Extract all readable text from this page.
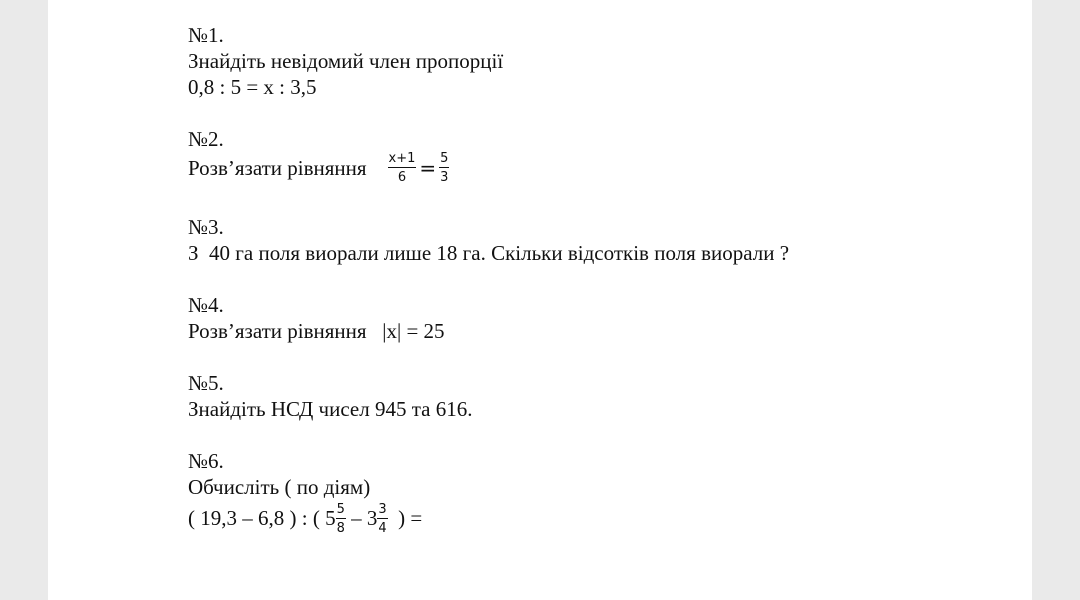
№1.
Знайдіть невідомий член пропорції
0,8 : 5 = x : 3,5
№2.
Розв’язати рівняння $\frac{x+1}{6} = \frac{5}{3}$
№3.
З  40 га поля виорали лише 18 га. Скільки відсотків поля виорали ?
№4.
Розв’язати рівняння |x| = 25
№5.
Знайдіть НСД чисел 945 та 616.
№6.
Обчисліть ( по діям)
( 19,3 – 6,8 ) : ( $5 \frac{5}{8} - 3 \frac{3}{4}$ ) =
